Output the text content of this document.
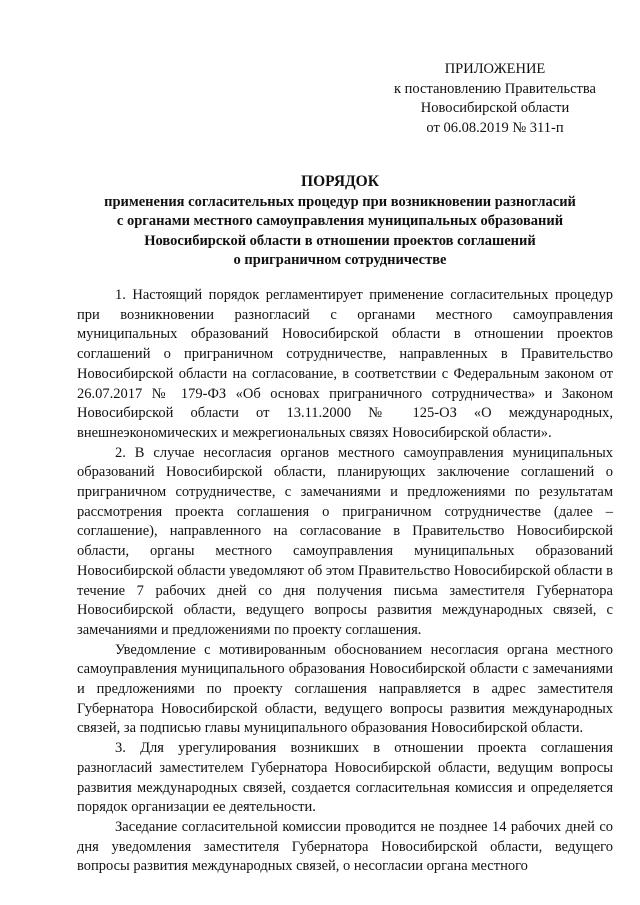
ПРИЛОЖЕНИЕ
к постановлению Правительства
Новосибирской области
от 06.08.2019 № 311-п
ПОРЯДОК
применения согласительных процедур при возникновении разногласий
с органами местного самоуправления муниципальных образований
Новосибирской области в отношении проектов соглашений
о приграничном сотрудничестве

1. Настоящий порядок регламентирует применение согласительных процедур при возникновении разногласий с органами местного самоуправления муниципальных образований Новосибирской области в отношении проектов соглашений о приграничном сотрудничестве, направленных в Правительство Новосибирской области на согласование, в соответствии с Федеральным законом от 26.07.2017 № 179-ФЗ «Об основах приграничного сотрудничества» и Законом Новосибирской области от 13.11.2000 № 125-ОЗ «О международных, внешнеэкономических и межрегиональных связях Новосибирской области».

2. В случае несогласия органов местного самоуправления муниципальных образований Новосибирской области, планирующих заключение соглашений о приграничном сотрудничестве, с замечаниями и предложениями по результатам рассмотрения проекта соглашения о приграничном сотрудничестве (далее – соглашение), направленного на согласование в Правительство Новосибирской области, органы местного самоуправления муниципальных образований Новосибирской области уведомляют об этом Правительство Новосибирской области в течение 7 рабочих дней со дня получения письма заместителя Губернатора Новосибирской области, ведущего вопросы развития международных связей, с замечаниями и предложениями по проекту соглашения.

Уведомление с мотивированным обоснованием несогласия органа местного самоуправления муниципального образования Новосибирской области с замечаниями и предложениями по проекту соглашения направляется в адрес заместителя Губернатора Новосибирской области, ведущего вопросы развития международных связей, за подписью главы муниципального образования Новосибирской области.

3. Для урегулирования возникших в отношении проекта соглашения разногласий заместителем Губернатора Новосибирской области, ведущим вопросы развития международных связей, создается согласительная комиссия и определяется порядок организации ее деятельности.

Заседание согласительной комиссии проводится не позднее 14 рабочих дней со дня уведомления заместителя Губернатора Новосибирской области, ведущего вопросы развития международных связей, о несогласии органа местного
